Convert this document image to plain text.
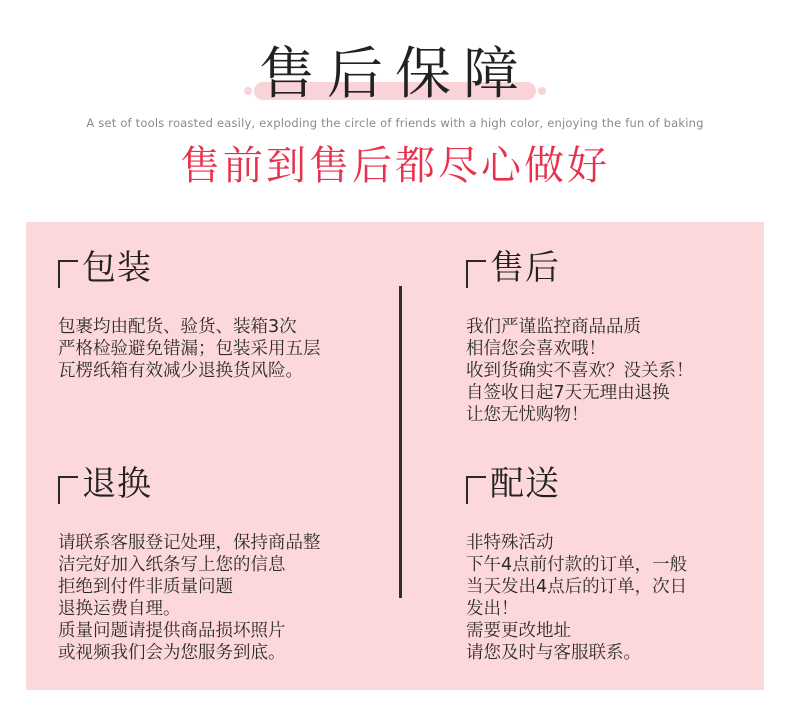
售后保障
A set of tools roasted easily, exploding the circle of friends with a high color, enjoying the fun of baking
售前到售后都尽心做好
包装
包裹均由配货、验货、装箱3次
严格检验避免错漏；包装采用五层
瓦楞纸箱有效减少退换货风险。
售后
我们严谨监控商品品质
相信您会喜欢哦！
收到货确实不喜欢？没关系！
自签收日起7天无理由退换
让您无忧购物！
退换
请联系客服登记处理，保持商品整
洁完好加入纸条写上您的信息
拒绝到付件非质量问题
退换运费自理。
质量问题请提供商品损坏照片
或视频我们会为您服务到底。
配送
非特殊活动
下午4点前付款的订单，一般
当天发出4点后的订单，次日
发出！
需要更改地址
请您及时与客服联系。
